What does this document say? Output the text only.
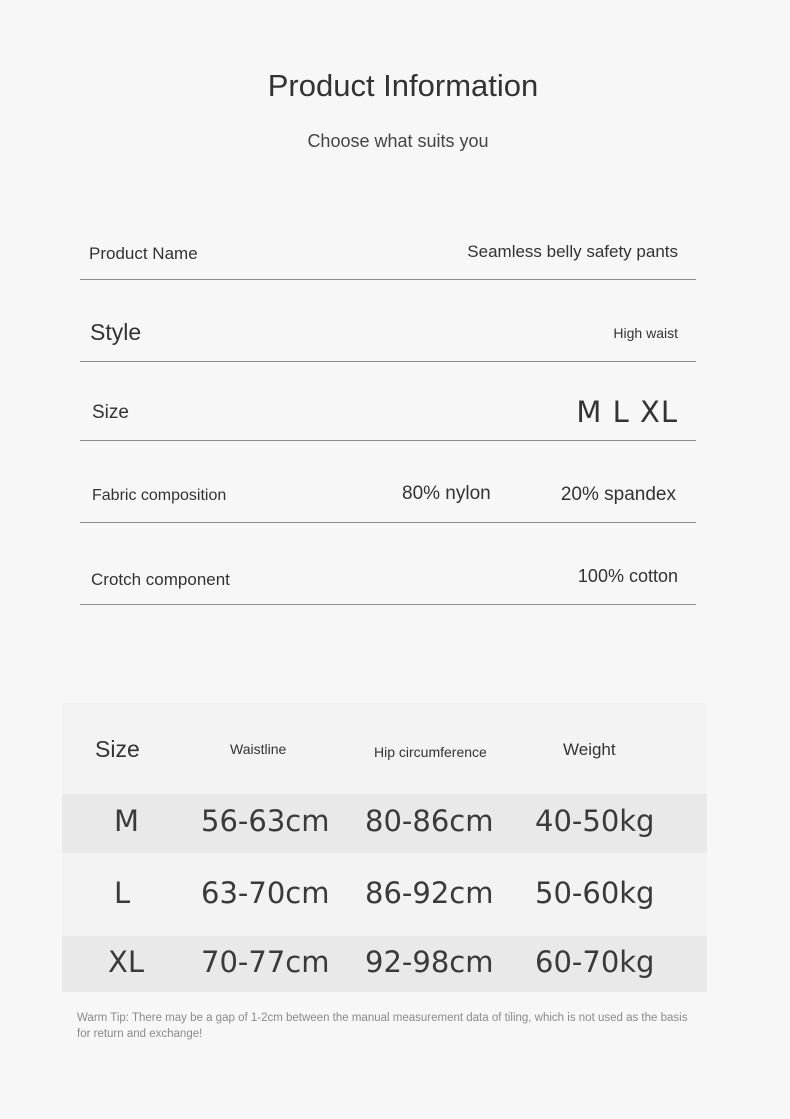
Product Information
Choose what suits you
Product Name	Seamless belly safety pants
Style	High waist
Size	M L XL
Fabric composition	80% nylon	20% spandex
Crotch component	100% cotton
Size	Waistline	Hip circumference	Weight
M 56-63cm 80-86cm 40-50kg
L 63-70cm 86-92cm 50-60kg
XL 70-77cm 92-98cm 60-70kg
Warm Tip: There may be a gap of 1-2cm between the manual measurement data of tiling, which is not used as the basis for return and exchange!
